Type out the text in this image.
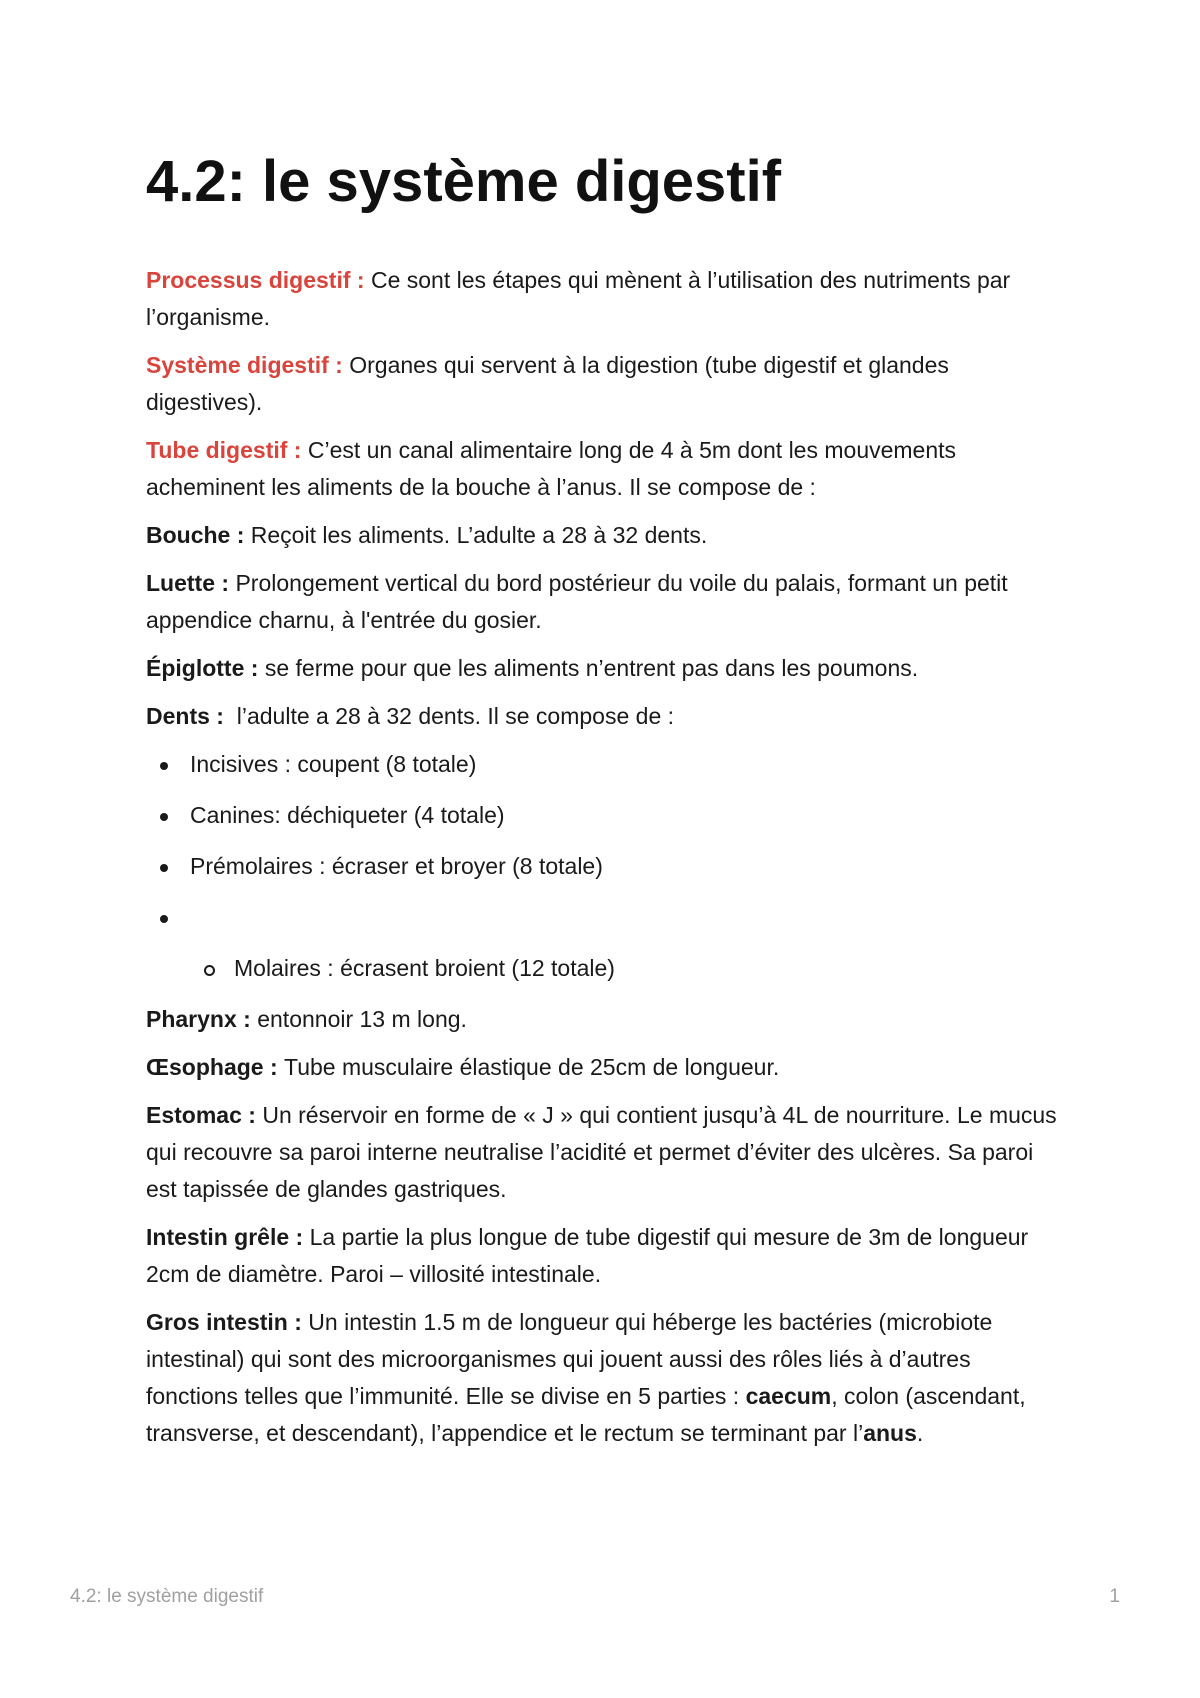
4.2: le système digestif

Processus digestif : Ce sont les étapes qui mènent à l’utilisation des nutriments par l’organisme.

Système digestif : Organes qui servent à la digestion (tube digestif et glandes digestives).

Tube digestif : C’est un canal alimentaire long de 4 à 5m dont les mouvements acheminent les aliments de la bouche à l’anus. Il se compose de :

Bouche : Reçoit les aliments. L’adulte a 28 à 32 dents.

Luette : Prolongement vertical du bord postérieur du voile du palais, formant un petit appendice charnu, à l'entrée du gosier.

Épiglotte : se ferme pour que les aliments n’entrent pas dans les poumons.

Dents :  l’adulte a 28 à 32 dents. Il se compose de :

Incisives : coupent (8 totale)
Canines: déchiqueter (4 totale)
Prémolaires : écraser et broyer (8 totale)

Molaires : écrasent broient (12 totale)

Pharynx : entonnoir 13 m long.

Œsophage : Tube musculaire élastique de 25cm de longueur.

Estomac : Un réservoir en forme de « J » qui contient jusqu’à 4L de nourriture. Le mucus qui recouvre sa paroi interne neutralise l’acidité et permet d’éviter des ulcères. Sa paroi est tapissée de glandes gastriques.

Intestin grêle : La partie la plus longue de tube digestif qui mesure de 3m de longueur 2cm de diamètre. Paroi – villosité intestinale.

Gros intestin : Un intestin 1.5 m de longueur qui héberge les bactéries (microbiote intestinal) qui sont des microorganismes qui jouent aussi des rôles liés à d’autres fonctions telles que l’immunité. Elle se divise en 5 parties : caecum, colon (ascendant, transverse, et descendant), l’appendice et le rectum se terminant par l’anus.

4.2: le système digestif	1
